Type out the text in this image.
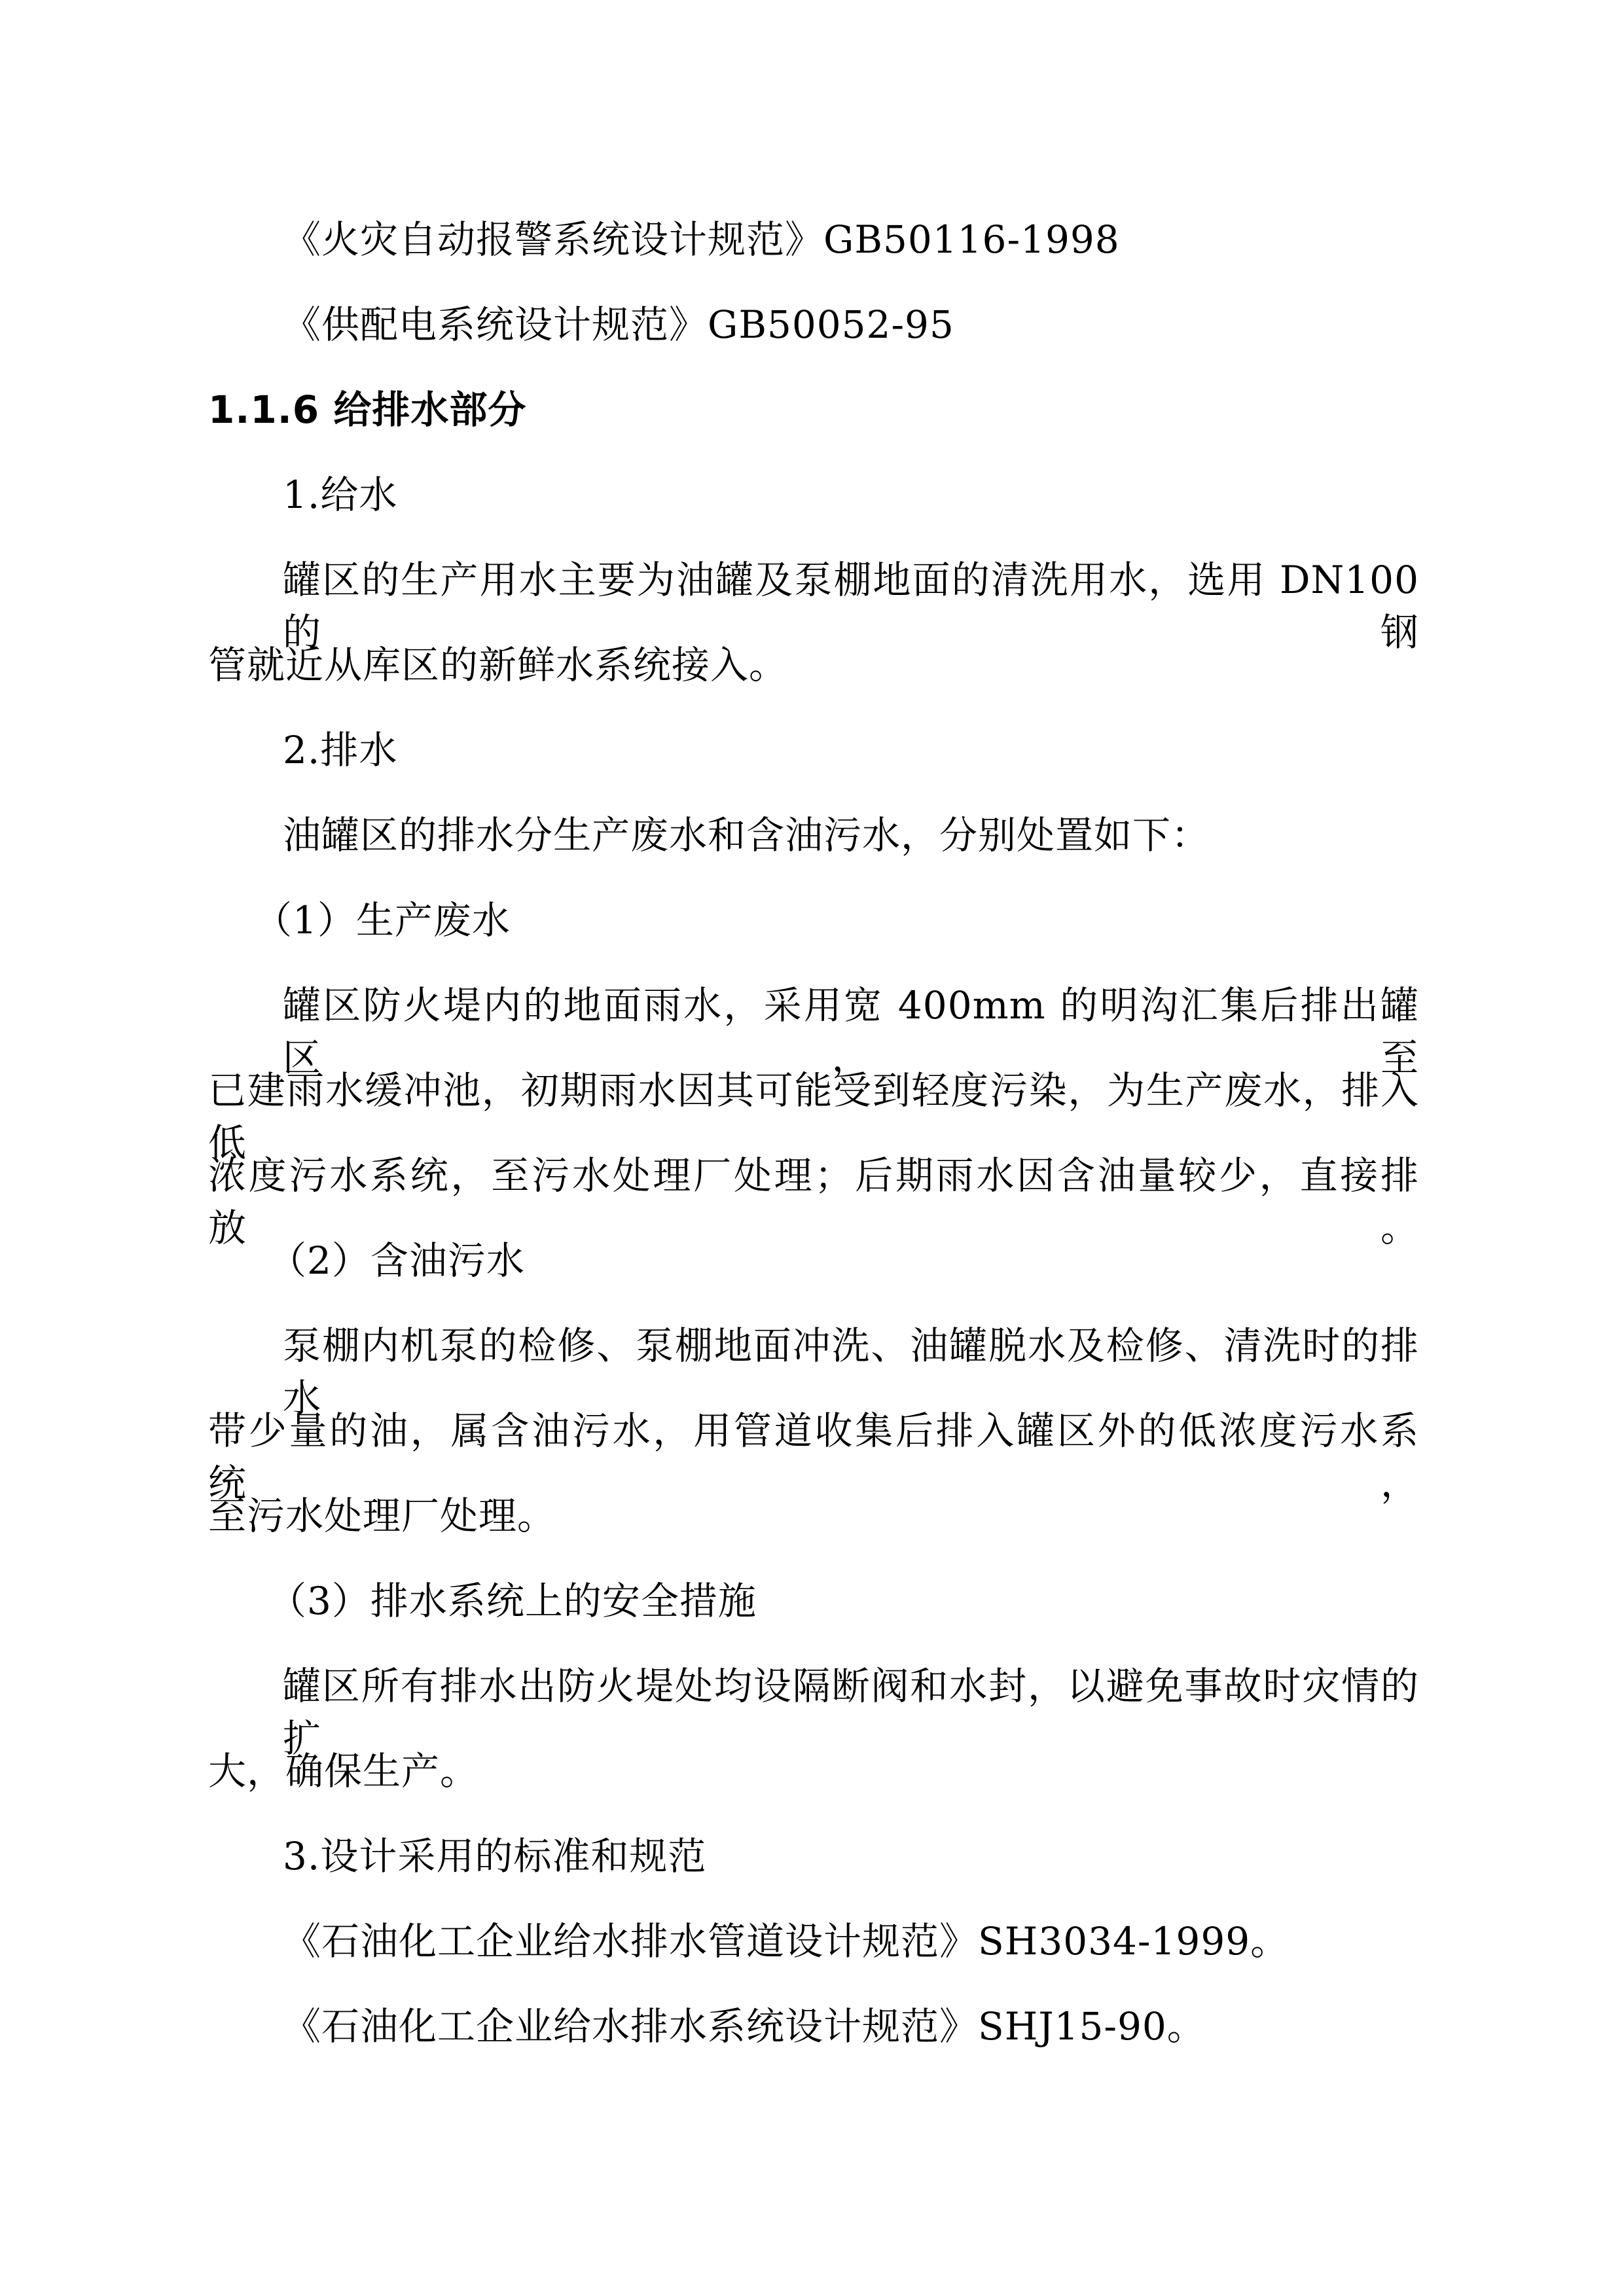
《火灾自动报警系统设计规范》GB50116-1998

《供配电系统设计规范》GB50052-95

1.1.6 给排水部分

1.给水

罐区的生产用水主要为油罐及泵棚地面的清洗用水，选用 DN100 的钢

管就近从库区的新鲜水系统接入。

2.排水

油罐区的排水分生产废水和含油污水，分别处置如下：

（1）生产废水

罐区防火堤内的地面雨水，采用宽 400mm 的明沟汇集后排出罐区，至

已建雨水缓冲池，初期雨水因其可能受到轻度污染，为生产废水，排入低

浓度污水系统，至污水处理厂处理；后期雨水因含油量较少，直接排放。

（2）含油污水

泵棚内机泵的检修、泵棚地面冲洗、油罐脱水及检修、清洗时的排水

带少量的油，属含油污水，用管道收集后排入罐区外的低浓度污水系统，

至污水处理厂处理。

（3）排水系统上的安全措施

罐区所有排水出防火堤处均设隔断阀和水封，以避免事故时灾情的扩

大，确保生产。

3.设计采用的标准和规范

《石油化工企业给水排水管道设计规范》SH3034-1999。

《石油化工企业给水排水系统设计规范》SHJ15-90。
